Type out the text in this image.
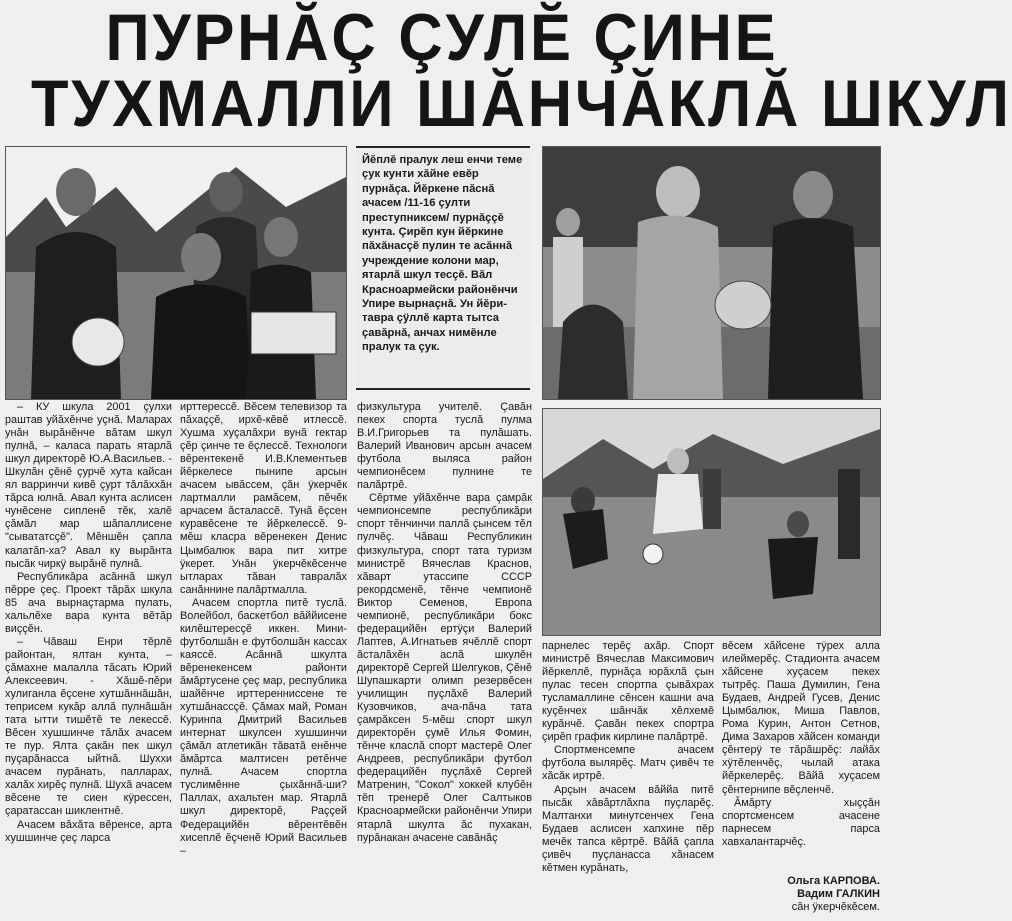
ПУРНĂÇ ÇУЛĔ ÇИНЕ
ТУХМАЛЛИ ШĂНЧĂКЛĂ ШКУЛ
Йĕплĕ пралук леш енчи теме çук кунти хăйне евĕр пурнăçа. Йĕркене пăснă ачасем /11-16 çулти преступниксем/ пурнăççĕ кунта. Çирĕп кун йĕркине пăхăнасçĕ пулин те асăннă учреждение колони мар, ятарлă шкул тесçĕ. Вăл Красноармейски районĕнчи Упире вырнаçнă. Ун йĕри-тавра çÿллĕ карта тытса çавăрнă, анчах нимĕнле пралук та çук.

– КУ шкула 2001 çулхи раштав уйăхĕнче уçнă. Маларах унăн вырăнĕнче вăтам шкул пулнă, – каласа парать ятарлă шкул директорĕ Ю.А.Васильев. - Шкулăн çĕнĕ çурчĕ хута кайсан ял варринчи кивĕ çурт тăлăххăн тăрса юлнă. Авал кунта аслисен чунĕсене сипленĕ тĕк, халĕ çăмăл мар шăпаллисене "сывататсçĕ". Мĕншĕн çапла калатăп-ха? Авал ку вырăнта пысăк чиркÿ вырăнĕ пулнă.

Республикăра асăннă шкул пĕрре çеç. Проект тăрăх шкула 85 ача вырнаçтарма пулать, хальлĕхе вара кунта вĕтăр виççĕн.

– Чăваш Енри тĕрлĕ районтан, ялтан кунта, – çăмахне малалла тăсать Юрий Алексеевич. - Хăшĕ-пĕри хулиганла ĕçсене хутшăннăшăн, теприсем кукăр аллă пулнăшăн тата ытти тишĕтĕ те лекессĕ. Вĕсен хушшинче тăлăх ачасем те пур. Ялта çакăн пек шкул пуçарăнасса ыйтнă. Шуххи ачасем пурăнать, палларах, халăх хирĕç пулнă. Шухă ачасем вĕсене те сиен кÿрессен, çаратассан шиклентнĕ.

Ачасем вăхăта вĕренсе, арта хушшинче çеç ларса

ирттерессĕ. Вĕсем телевизор та пăхаççĕ, ирхĕ-кĕвĕ итлессĕ. Хушма хуçалăхри вунă гектар çĕр çинче те ĕçлессĕ. Технологи вĕрентекенĕ И.В.Клементьев йĕркелесе пынипе арсын ачасем ывăссем, çăн ÿкерчĕк лартмалли рамăсем, пĕчĕк арчасем ăсталассĕ. Тунă ĕçсен куравĕсене те йĕркелессĕ. 9-мĕш класра вĕренекен Денис Цымбалюк вара пит хитре ÿкерет. Унăн ÿкерчĕкĕсенче ытларах тăван тавралăх санăннине палăртмалла.

Ачасем спортла питĕ туслă. Волейбол, баскетбол вăййисене килĕштересçĕ иккен. Мини-футболшăн е футболшăн кассах каяссĕ. Асăннă шкулта вĕренекенсем районти ăмăртусене çеç мар, республика шайĕнче ирттеренниссене те хутшăнассçĕ. Çăмах май, Роман Куринпа Дмитрий Васильев интернат шкулсен хушшинчи çăмăл атлетикăн тăватă енĕнче ăмăртса малтисен ретĕнче пулнă. Ачасем спортла туслимĕнне çыхăннă-ши? Паллах, ахальтен мар. Ятарлă шкул директорĕ, Раççей Федерацийĕн вĕрентĕвĕн хисеплĕ ĕçченĕ Юрий Васильев –

физкультура учителĕ. Çавăн пекех спорта туслă пулма В.И.Григорьев та пулăшать. Валерий Иванович арсын ачасем футбола выляса район чемпионĕсем пулнине те палăртрĕ.

Сĕртме уйăхĕнче вара çамрăк чемпионсемпе республикăри спорт тĕнчинчи паллă çынсем тĕл пулчĕç. Чăваш Республикин физкультура, спорт тата туризм министрĕ Вячеслав Краснов, хăварт утассипе СССР рекордсменĕ, тĕнче чемпионĕ Виктор Семенов, Европа чемпионĕ, республикăри бокс федерацийĕн ертÿçи Валерий Лаптев, А.Игнатьев ячĕллĕ спорт ăсталăхĕн аслă шкулĕн директорĕ Сергей Шелгуков, Çĕнĕ Шупашкарти олимп резервĕсен училищин пуçлăхĕ Валерий Кузовчиков, ача-пăча тата çамрăксен 5-мĕш спорт шкул директорĕн çумĕ Илья Фомин, тĕнче класлă спорт мастерĕ Олег Андреев, республикăри футбол федерацийĕн пуçлăхĕ Сергей Матренин, "Сокол" хоккей клубĕн тĕп тренерĕ Олег Салтыков Красноармейски районĕнчи Упири ятарлă шкулта ăс пухакан, пурăнакан ачасене савăнăç

парнелес терĕç ахăр. Спорт министрĕ Вячеслав Максимович йĕркеллĕ, пурнăçа юрăхлă çын пулас тесен спортпа çывăхрах тусламаллине сĕнсен кашни ача куçĕнчех шăнчăк хĕлхемĕ курăнчĕ. Çавăн пекех спортра çирĕп график кирлине палăртрĕ.

Спортменсемпе ачасем футбола вылярĕç. Матч çивĕч те хăсăк иртрĕ.

Арçын ачасем вăййа питĕ пысăк хăвăртлăхпа пуçларĕç. Малтанхи минутсенчех Гена Будаев аслисен хапхине пĕр мечĕк тапса кĕртрĕ. Вăйă çапла çивĕч пуçланасса хăнасем кĕтмен курăнать,

вĕсем хăйсене тÿрех алла илеймерĕç. Стадионта ачасем хăйсене хуçасем пекех тытрĕç. Паша Думилин, Гена Будаев, Андрей Гусев, Денис Цымбалюк, Миша Павлов, Рома Курин, Антон Сетнов, Дима Захаров хăйсен команди çĕнтерÿ те тăрăшрĕç: лайăх хÿтĕленчĕç, чылай атака йĕркелерĕç. Вăйă хуçасем çĕнтернипе вĕçленчĕ.

Ăмăрту хыççăн спортсменсем ачасене парнесем парса хавхалантарчĕç.

Ольга КАРПОВА.
Вадим ГАЛКИН
сăн ÿкерчĕкĕсем.
